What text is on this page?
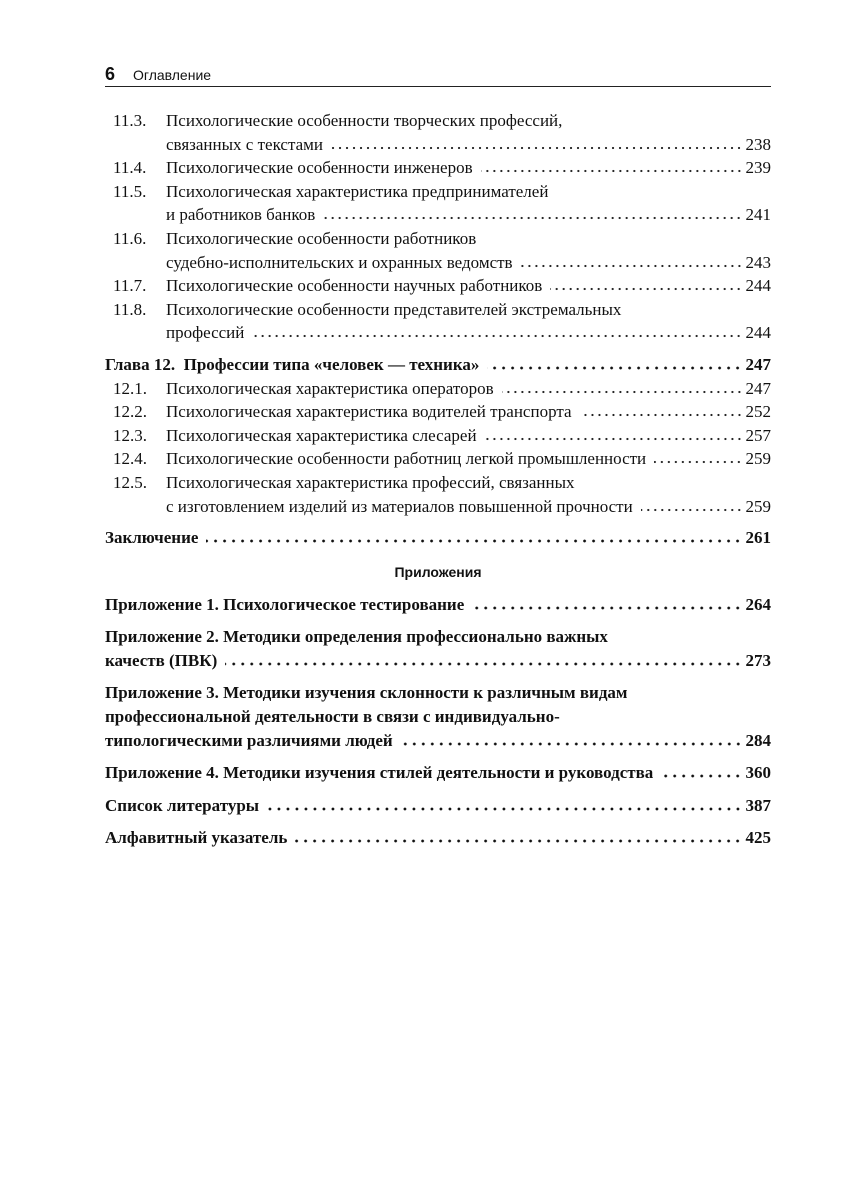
6 Оглавление
11.3. Психологические особенности творческих профессий,
связанных с текстами	238
11.4. Психологические особенности инженеров	239
11.5. Психологическая характеристика предпринимателей
и работников банков	241
11.6. Психологические особенности работников
судебно-исполнительских и охранных ведомств	243
11.7. Психологические особенности научных работников	244
11.8. Психологические особенности представителей экстремальных
профессий	244
Глава 12.  Профессии типа «человек — техника»	247
12.1. Психологическая характеристика операторов	247
12.2. Психологическая характеристика водителей транспорта	252
12.3. Психологическая характеристика слесарей	257
12.4. Психологические особенности работниц легкой промышленности	259
12.5. Психологическая характеристика профессий, связанных
с изготовлением изделий из материалов повышенной прочности	259
Заключение	261
Приложения
Приложение 1. Психологическое тестирование	264
Приложение 2. Методики определения профессионально важных
качеств (ПВК)	273
Приложение 3. Методики изучения склонности к различным видам
профессиональной деятельности в связи с индивидуально-
типологическими различиями людей	284
Приложение 4. Методики изучения стилей деятельности и руководства	360
Список литературы	387
Алфавитный указатель	425
